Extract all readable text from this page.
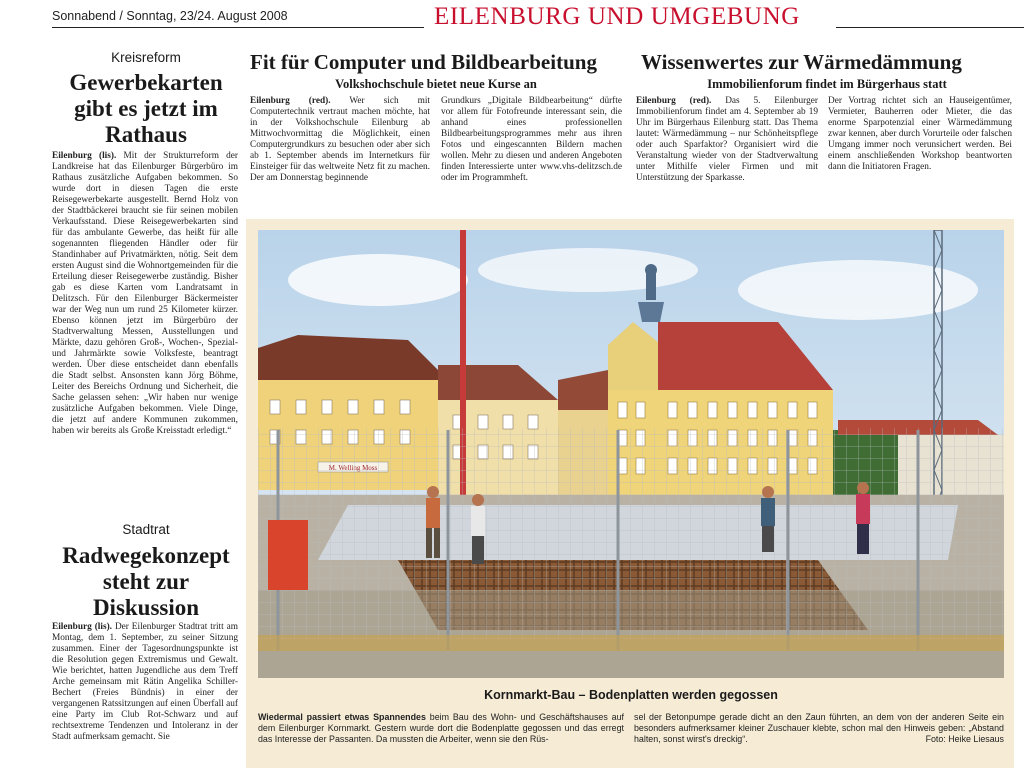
Sonnabend / Sonntag, 23/24. August 2008	EILENBURG UND UMGEBUNG
Kreisreform
Gewerbekarten gibt es jetzt im Rathaus
Eilenburg (lis). Mit der Strukturreform der Landkreise hat das Eilenburger Bürgerbüro im Rathaus zusätzliche Aufgaben bekommen. So wurde dort in diesen Tagen die erste Reisegewerbekarte ausgestellt. Bernd Holz von der Stadtbäckerei braucht sie für seinen mobilen Verkaufsstand. Diese Reisegewerbekarten sind für das ambulante Gewerbe, das heißt für alle sogenannten fliegenden Händler oder für Standinhaber auf Privatmärkten, nötig. Seit dem ersten August sind die Wohnortgemeinden für die Erteilung dieser Reisegewerbe zuständig. Bisher gab es diese Karten vom Landratsamt in Delitzsch. Für den Eilenburger Bäckermeister war der Weg nun um rund 25 Kilometer kürzer. Ebenso können jetzt im Bürgerbüro der Stadtverwaltung Messen, Ausstellungen und Märkte, dazu gehören Groß-, Wochen-, Spezial- und Jahrmärkte sowie Volksfeste, beantragt werden. Über diese entscheidet dann ebenfalls die Stadt selbst. Ansonsten kann Jörg Böhme, Leiter des Bereichs Ordnung und Sicherheit, die Sache gelassen sehen: „Wir haben nur wenige zusätzliche Aufgaben bekommen. Viele Dinge, die jetzt auf andere Kommunen zukommen, haben wir bereits als Große Kreisstadt erledigt.“
Stadtrat
Radwegekonzept steht zur Diskussion
Eilenburg (lis). Der Eilenburger Stadtrat tritt am Montag, dem 1. September, zu seiner Sitzung zusammen. Einer der Tagesordnungspunkte ist die Resolution gegen Extremismus und Gewalt. Wie berichtet, hatten Jugendliche aus dem Treff Arche gemeinsam mit Rätin Angelika Schiller-Bechert (Freies Bündnis) in einer der vergangenen Ratssitzungen auf einen Überfall auf eine Party im Club Rot-Schwarz und auf rechtsextreme Tendenzen und Intoleranz in der Stadt aufmerksam gemacht. Sie
Fit für Computer und Bildbearbeitung
Volkshochschule bietet neue Kurse an
Eilenburg (red). Wer sich mit Computertechnik vertraut machen möchte, hat in der Volkshochschule Eilenburg ab Mittwochvormittag die Möglichkeit, einen Computergrundkurs zu besuchen oder aber sich ab 1. September abends im Internetkurs für Einsteiger für das weltweite Netz fit zu machen. Der am Donnerstag beginnende
Grundkurs „Digitale Bildbearbeitung“ dürfte vor allem für Fotofreunde interessant sein, die anhand eines professionellen Bildbearbeitungsprogrammes mehr aus ihren Fotos und eingescannten Bildern machen wollen. Mehr zu diesen und anderen Angeboten finden Interessierte unter www.vhs-delitzsch.de oder im Programmheft.
Wissenwertes zur Wärmedämmung
Immobilienforum findet im Bürgerhaus statt
Eilenburg (red). Das 5. Eilenburger Immobilienforum findet am 4. September ab 19 Uhr im Bürgerhaus Eilenburg statt. Das Thema lautet: Wärmedämmung – nur Schönheitspflege oder auch Sparfaktor? Organisiert wird die Veranstaltung wieder von der Stadtverwaltung unter Mithilfe vieler Firmen und mit Unterstützung der Sparkasse.
Der Vortrag richtet sich an Hauseigentümer, Vermieter, Bauherren oder Mieter, die das enorme Sparpotenzial einer Wärmedämmung zwar kennen, aber durch Vorurteile oder falschen Umgang immer noch verunsichert werden. Bei einem anschließenden Workshop beantworten dann die Initiatoren Fragen.
Kornmarkt-Bau – Bodenplatten werden gegossen
Wiedermal passiert etwas Spannendes beim Bau des Wohn- und Geschäftshauses auf dem Eilenburger Kornmarkt. Gestern wurde dort die Bodenplatte gegossen und das erregt das Interesse der Passanten. Da mussten die Arbeiter, wenn sie den Rüs-
sel der Betonpumpe gerade dicht an den Zaun führten, an dem von der anderen Seite ein besonders aufmerksamer kleiner Zuschauer klebte, schon mal den Hinweis geben: „Abstand halten, sonst wirst's dreckig“.	Foto: Heike Liesaus
